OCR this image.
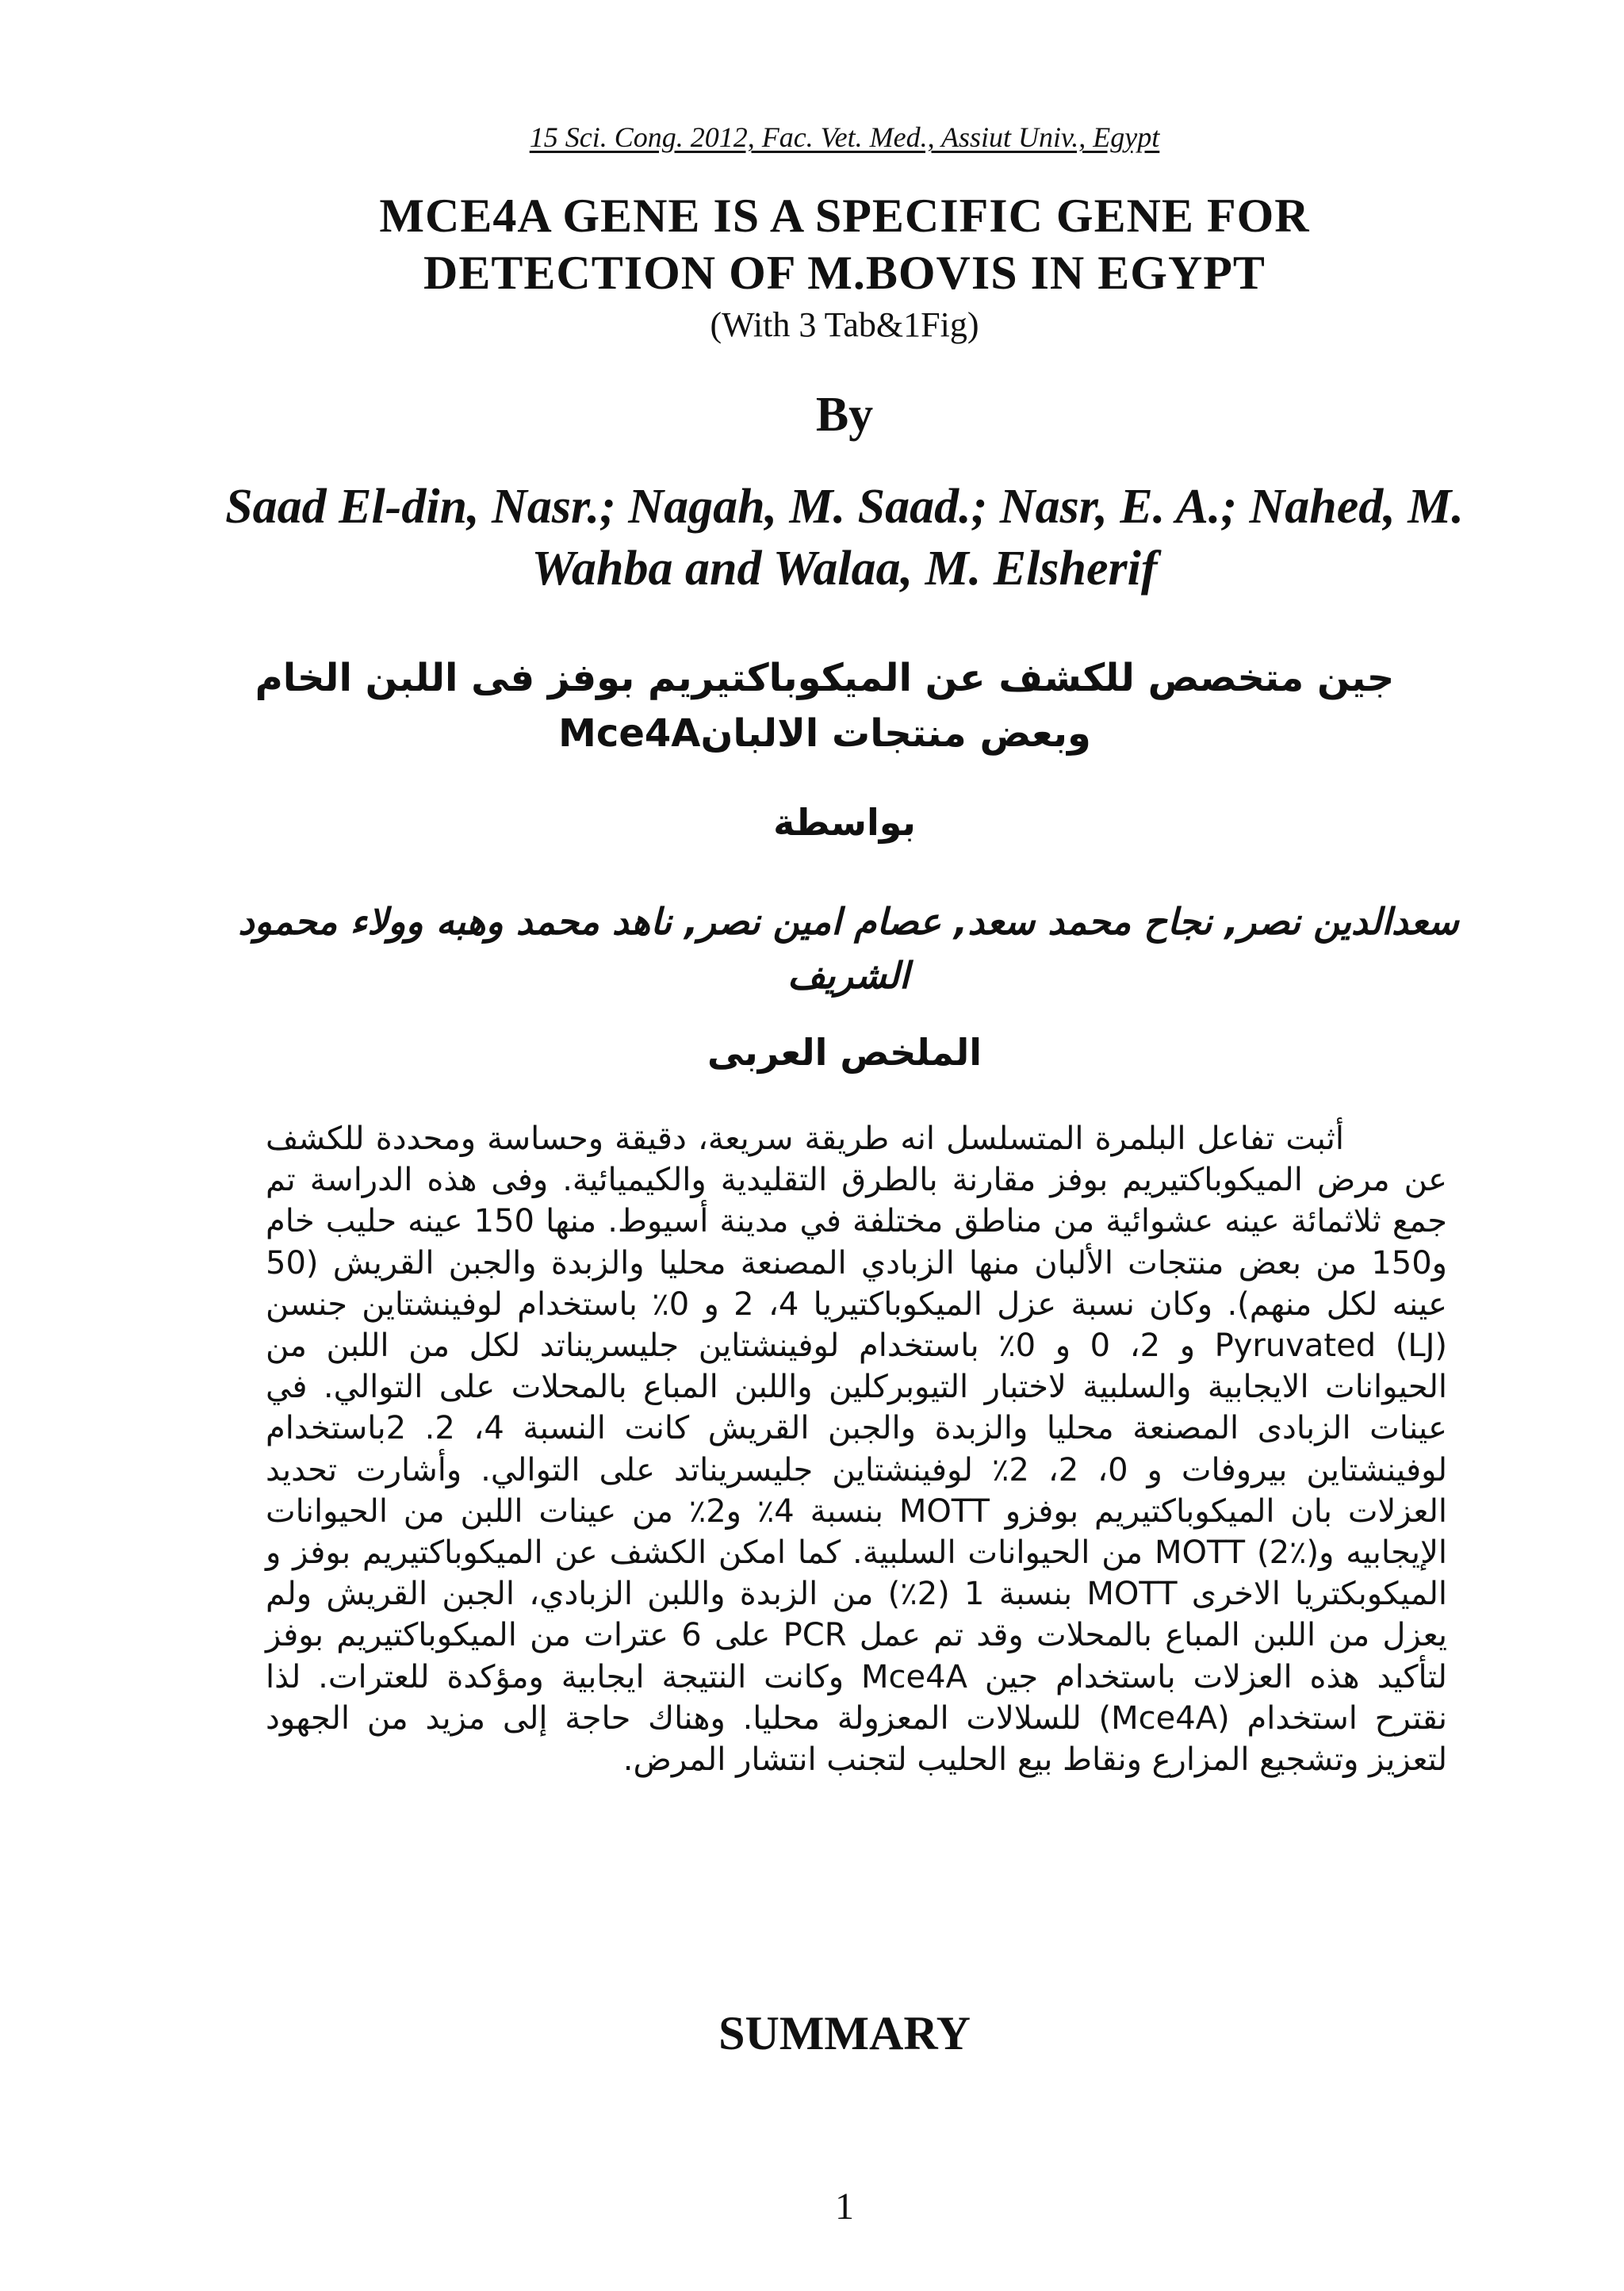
15 Sci. Cong. 2012, Fac. Vet. Med., Assiut Univ., Egypt
MCE4A GENE IS A SPECIFIC GENE FOR
DETECTION OF M.BOVIS IN EGYPT
(With 3 Tab&1Fig)
By
Saad El-din, Nasr.; Nagah, M. Saad.; Nasr, E. A.; Nahed, M. Wahba and Walaa, M. Elsherif
جين متخصص للكشف عن الميكوباكتيريم بوفز فى اللبن الخام وبعض منتجات الالبانMce4A
بواسطة
سعدالدين نصر, نجاح محمد سعد, عصام امين نصر, ناهد محمد وهبه وولاء محمود الشريف
الملخص العربى
أثبت تفاعل البلمرة المتسلسل انه طريقة سريعة، دقيقة وحساسة ومحددة للكشف عن مرض الميكوباكتيريم بوفز مقارنة بالطرق التقليدية والكيميائية. وفى هذه الدراسة تم جمع ثلاثمائة عينه عشوائية من مناطق مختلفة في مدينة أسيوط. منها 150 عينه حليب خام و150 من بعض منتجات الألبان منها الزبادي المصنعة محليا والزبدة والجبن القريش (50 عينه لكل منهم). وكان نسبة عزل الميكوباكتيريا 4، 2 و 0٪ باستخدام لوفينشتاين جنسن (LJ) Pyruvated و 2، 0 و 0٪ باستخدام لوفينشتاين جليسريناتد لكل من اللبن من الحيوانات الايجابية والسلبية لاختبار التيوبركلين واللبن المباع بالمحلات على التوالي. في عينات الزبادى المصنعة محليا والزبدة والجبن القريش كانت النسبة 4، 2. 2باستخدام لوفينشتاين بيروفات و 0، 2، 2٪ لوفينشتاين جليسريناتد على التوالي. وأشارت تحديد العزلات بان الميكوباكتيريم بوفزو MOTT بنسبة 4٪ و2٪ من عينات اللبن من الحيوانات الإيجابيه وMOTT (2٪) من الحيوانات السلبية. كما امكن الكشف عن الميكوباكتيريم بوفز و الميكوبكتريا الاخرى MOTT بنسبة 1 (2٪) من الزبدة واللبن الزبادي، الجبن القريش ولم يعزل من اللبن المباع بالمحلات وقد تم عمل PCR على 6 عترات من الميكوباكتيريم بوفز لتأكيد هذه العزلات باستخدام جين Mce4A وكانت النتيجة ايجابية ومؤكدة للعترات. لذا نقترح استخدام (Mce4A) للسلالات المعزولة محليا. وهناك حاجة إلى مزيد من الجهود لتعزيز وتشجيع المزارع ونقاط بيع الحليب لتجنب انتشار المرض.
SUMMARY
1
